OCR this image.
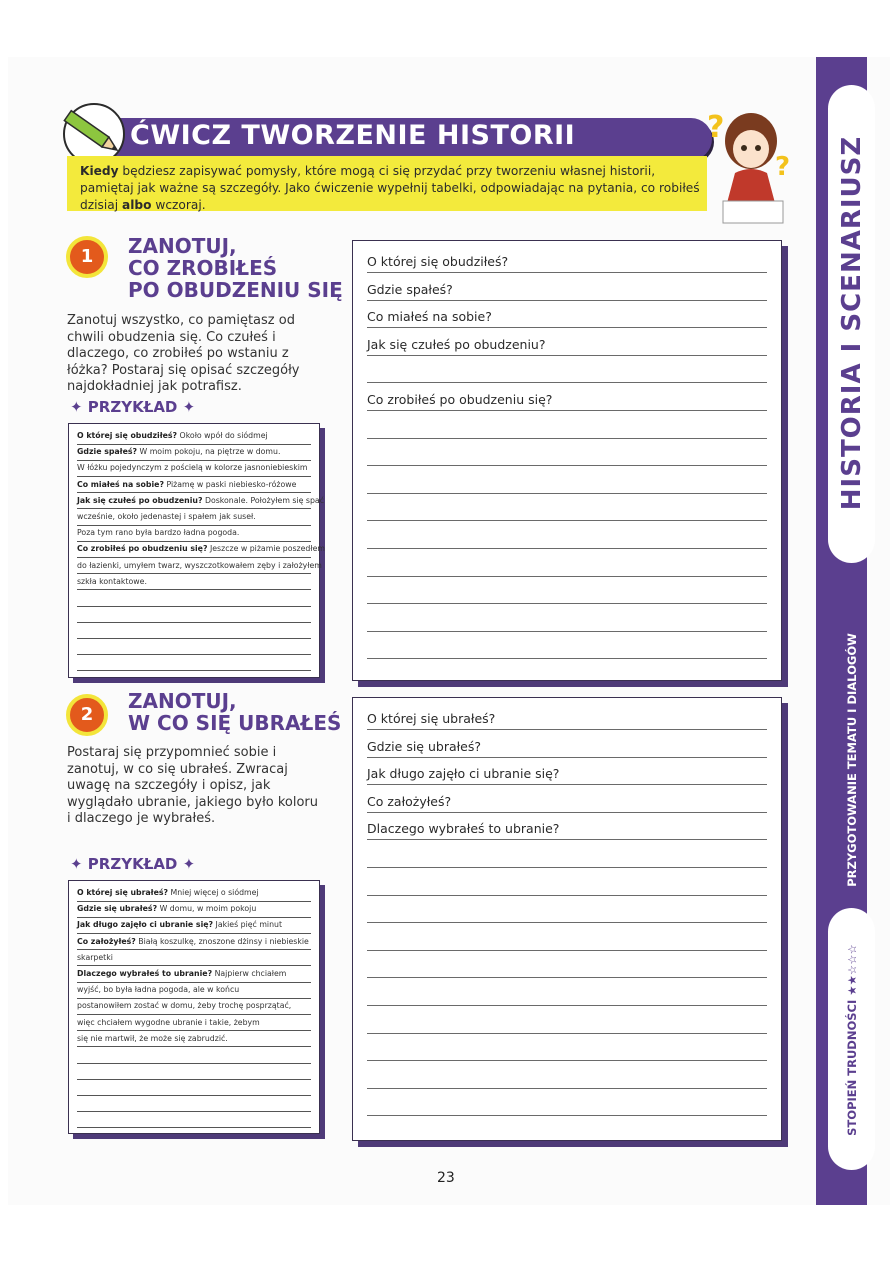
ĆWICZ TWORZENIE HISTORII
Kiedy będziesz zapisywać pomysły, które mogą ci się przydać przy tworzeniu własnej historii, pamiętaj jak ważne są szczegóły. Jako ćwiczenie wypełnij tabelki, odpowiadając na pytania, co robiłeś dzisiaj albo wczoraj.
?
?
1	ZANOTUJ,
CO ZROBIŁEŚ
PO OBUDZENIU SIĘ
Zanotuj wszystko, co pamiętasz od chwili obudzenia się. Co czułeś i dlaczego, co zrobiłeś po wstaniu z łóżka? Postaraj się opisać szczegóły najdokładniej jak potrafisz.
✦ PRZYKŁAD ✦
O której się obudziłeś? Około wpół do siódmej
Gdzie spałeś? W moim pokoju, na piętrze w domu.
W łóżku pojedynczym z pościelą w kolorze jasnoniebieskim
Co miałeś na sobie? Piżamę w paski niebiesko-różowe
Jak się czułeś po obudzeniu? Doskonale. Położyłem się spać
wcześnie, około jedenastej i spałem jak suseł.
Poza tym rano była bardzo ładna pogoda.
Co zrobiłeś po obudzeniu się? Jeszcze w piżamie poszedłem
do łazienki, umyłem twarz, wyszczotkowałem zęby i założyłem
szkła kontaktowe.
O której się obudziłeś?
Gdzie spałeś?
Co miałeś na sobie?
Jak się czułeś po obudzeniu?
Co zrobiłeś po obudzeniu się?
2
ZANOTUJ,
W CO SIĘ UBRAŁEŚ
Postaraj się przypomnieć sobie i zanotuj, w co się ubrałeś. Zwracaj uwagę na szczegóły i opisz, jak wyglądało ubranie, jakiego było koloru i dlaczego je wybrałeś.
✦ PRZYKŁAD ✦
O której się ubrałeś? Mniej więcej o siódmej
Gdzie się ubrałeś? W domu, w moim pokoju
Jak długo zajęło ci ubranie się? Jakieś pięć minut
Co założyłeś? Białą koszulkę, znoszone dżinsy i niebieskie
skarpetki
Dlaczego wybrałeś to ubranie? Najpierw chciałem
wyjść, bo była ładna pogoda, ale w końcu
postanowiłem zostać w domu, żeby trochę posprzątać,
więc chciałem wygodne ubranie i takie, żebym
się nie martwił, że może się zabrudzić.
O której się ubrałeś?
Gdzie się ubrałeś?
Jak długo zajęło ci ubranie się?
Co założyłeś?
Dlaczego wybrałeś to ubranie?
HISTORIA I SCENARIUSZ
PRZYGOTOWANIE TEMATU I DIALOGÓW
STOPIEŃ TRUDNOŚCI ★★☆☆☆
23
